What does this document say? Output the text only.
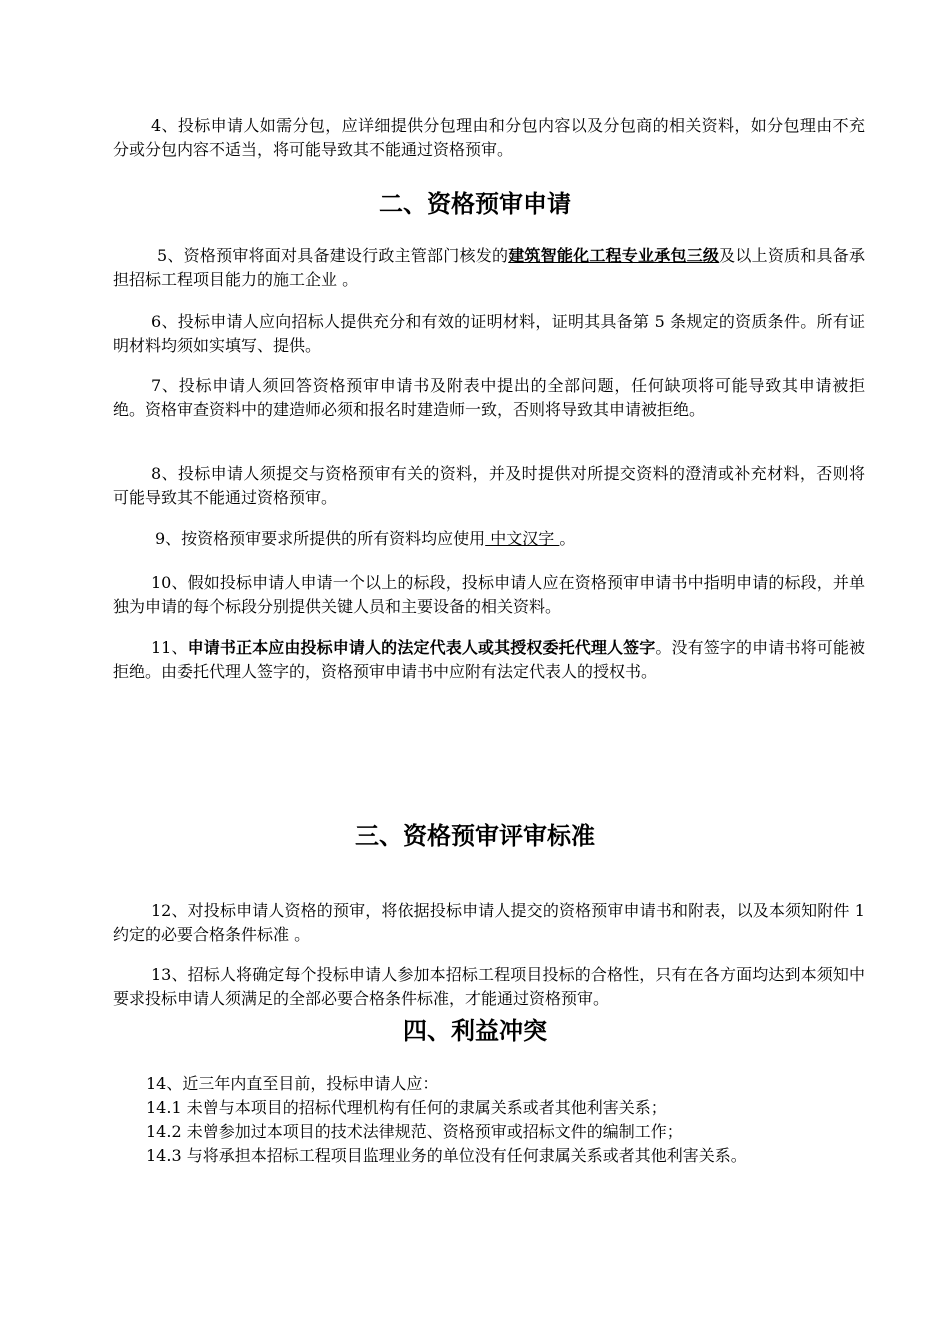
4、投标申请人如需分包，应详细提供分包理由和分包内容以及分包商的相关资料，如分包理由不充分或分包内容不适当，将可能导致其不能通过资格预审。

二、资格预审申请

5、资格预审将面对具备建设行政主管部门核发的建筑智能化工程专业承包三级及以上资质和具备承担招标工程项目能力的施工企业 。

6、投标申请人应向招标人提供充分和有效的证明材料，证明其具备第 5 条规定的资质条件。所有证明材料均须如实填写、提供。

7、投标申请人须回答资格预审申请书及附表中提出的全部问题，任何缺项将可能导致其申请被拒绝。资格审查资料中的建造师必须和报名时建造师一致，否则将导致其申请被拒绝。

8、投标申请人须提交与资格预审有关的资料，并及时提供对所提交资料的澄清或补充材料，否则将可能导致其不能通过资格预审。

9、按资格预审要求所提供的所有资料均应使用 中文汉字 。

10、假如投标申请人申请一个以上的标段，投标申请人应在资格预审申请书中指明申请的标段，并单独为申请的每个标段分别提供关键人员和主要设备的相关资料。

11、申请书正本应由投标申请人的法定代表人或其授权委托代理人签字。没有签字的申请书将可能被拒绝。由委托代理人签字的，资格预审申请书中应附有法定代表人的授权书。

三、资格预审评审标准

12、对投标申请人资格的预审，将依据投标申请人提交的资格预审申请书和附表，以及本须知附件 1 约定的必要合格条件标准 。

13、招标人将确定每个投标申请人参加本招标工程项目投标的合格性，只有在各方面均达到本须知中要求投标申请人须满足的全部必要合格条件标准，才能通过资格预审。

四、利益冲突
14、近三年内直至目前，投标申请人应：
14.1 未曾与本项目的招标代理机构有任何的隶属关系或者其他利害关系；
14.2 未曾参加过本项目的技术法律规范、资格预审或招标文件的编制工作；
14.3 与将承担本招标工程项目监理业务的单位没有任何隶属关系或者其他利害关系。
